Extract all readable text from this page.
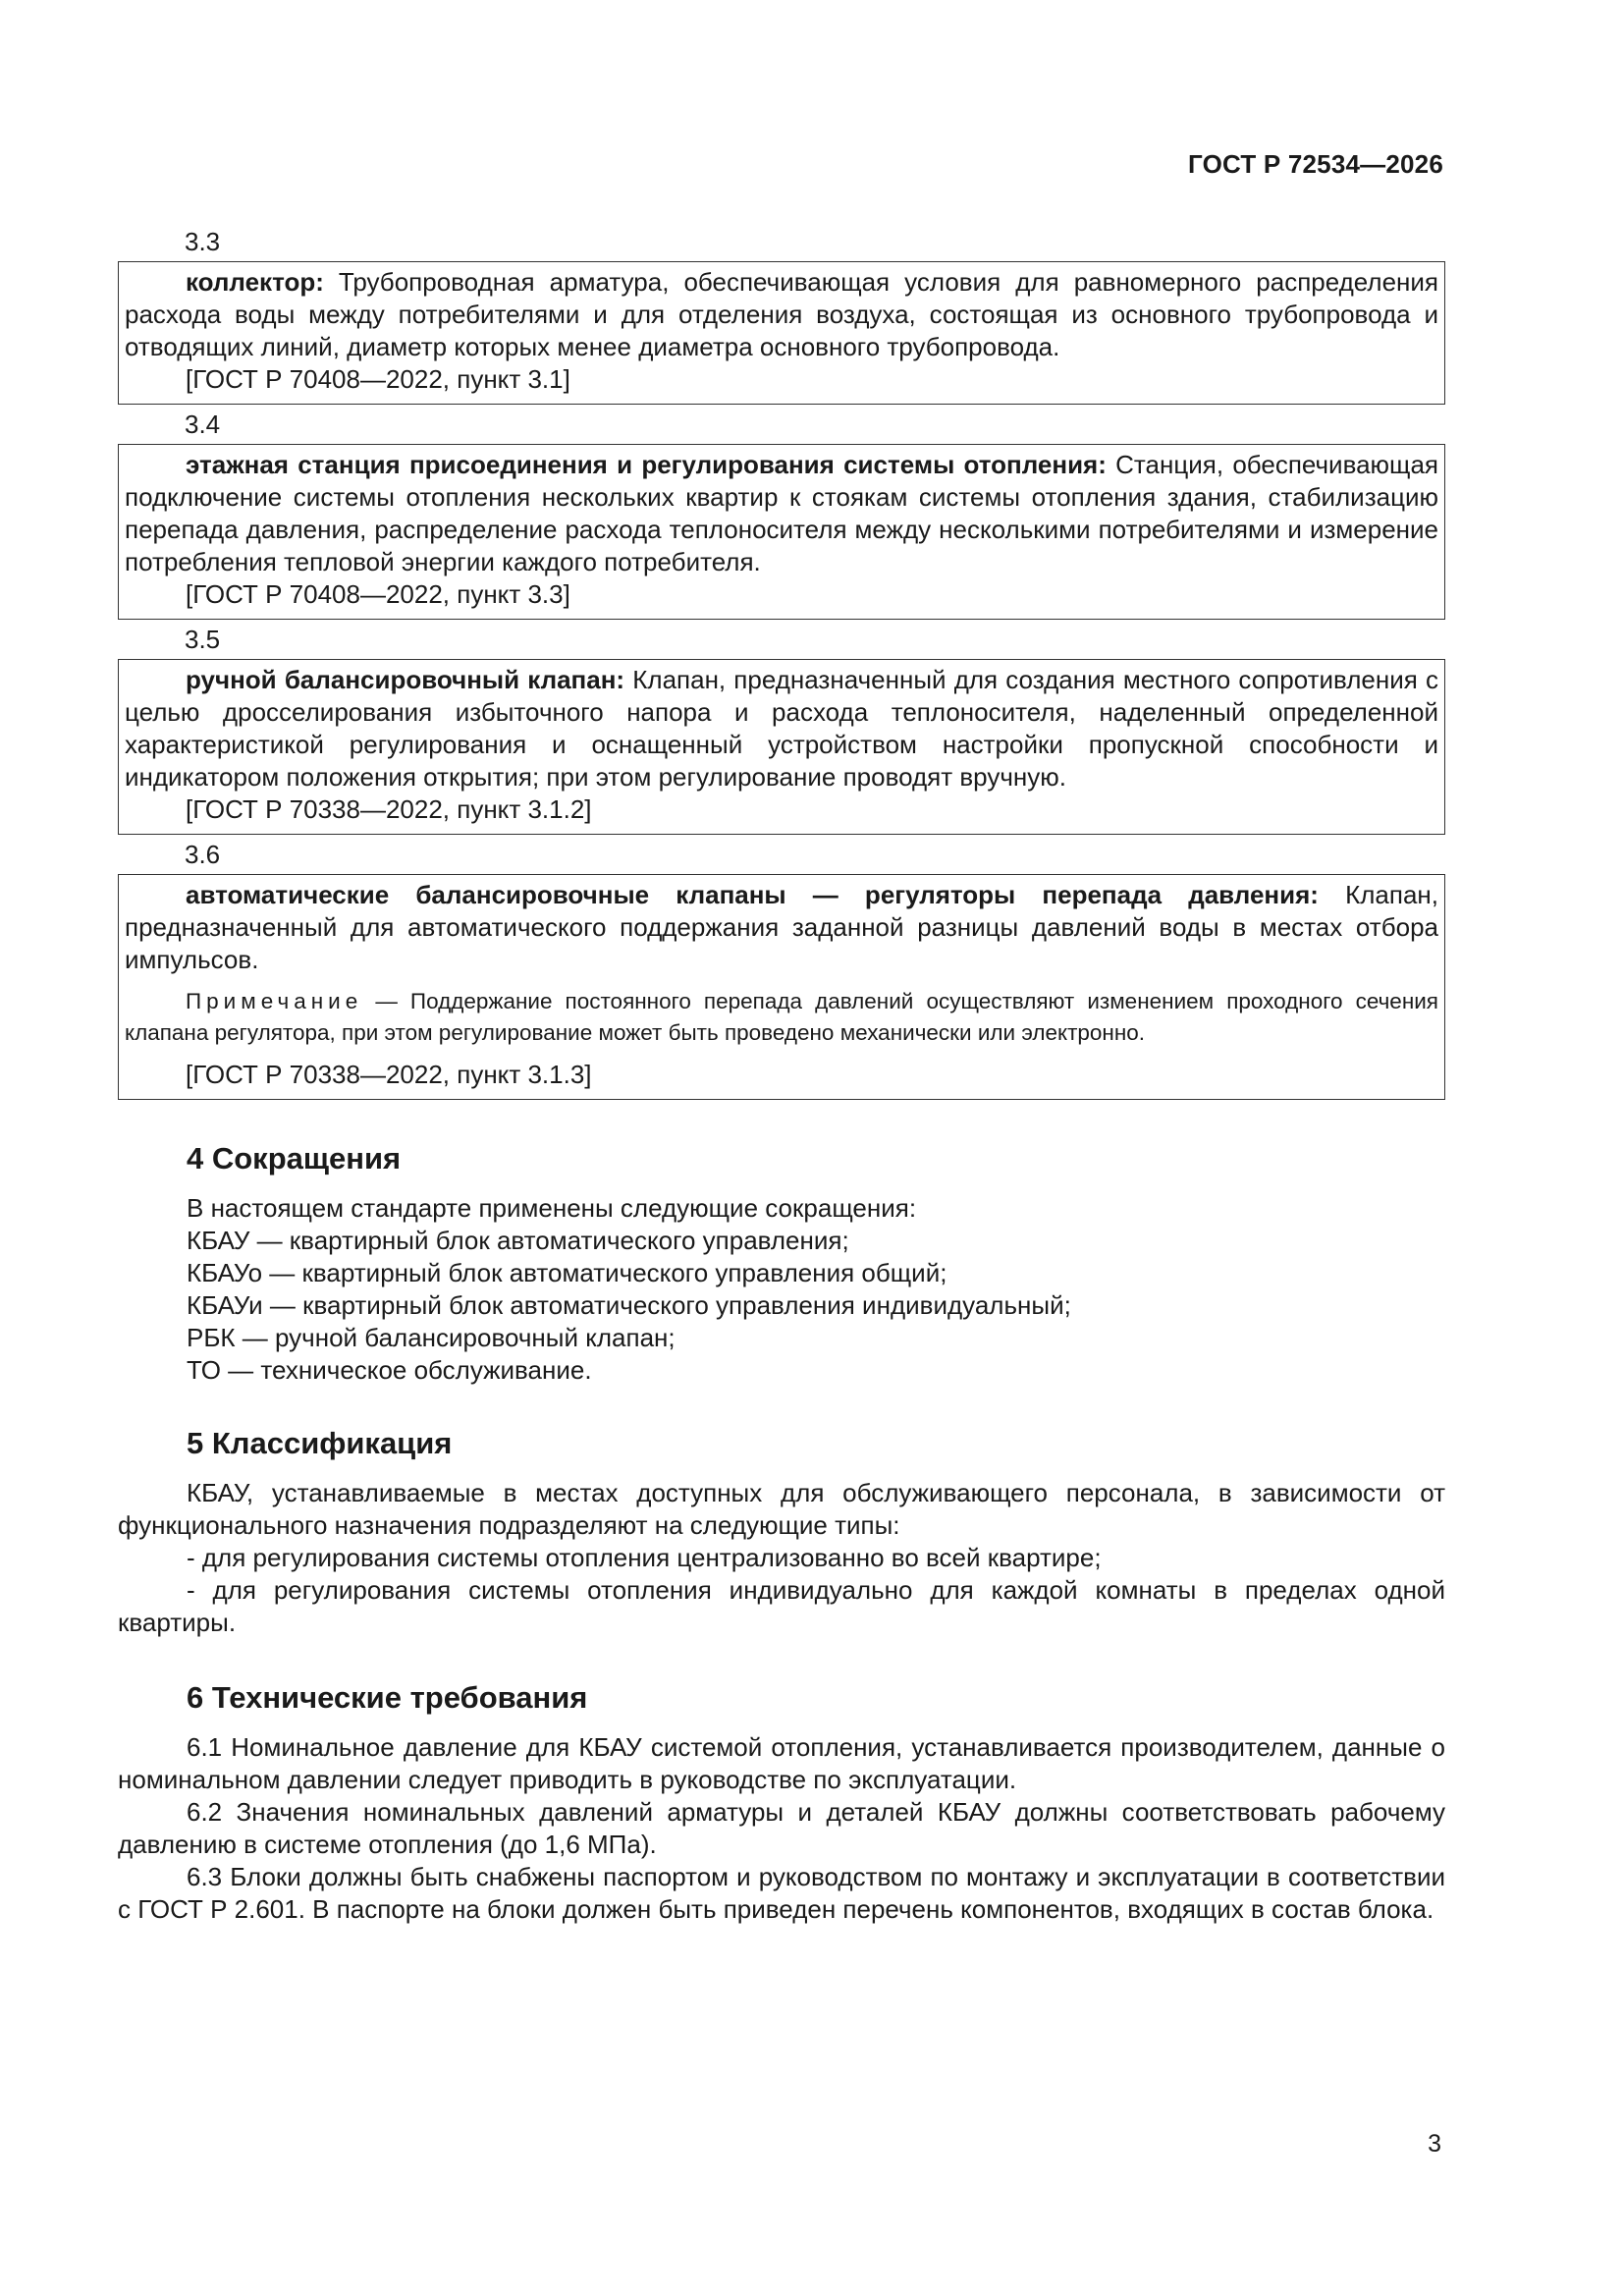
ГОСТ Р 72534—2026
3.3

коллектор: Трубопроводная арматура, обеспечивающая условия для равномерного распределения расхода воды между потребителями и для отделения воздуха, состоящая из основного трубопровода и отводящих линий, диаметр которых менее диаметра основного трубопровода.

[ГОСТ Р 70408—2022, пункт 3.1]

3.4

этажная станция присоединения и регулирования системы отопления: Станция, обеспечивающая подключение системы отопления нескольких квартир к стоякам системы отопления здания, стабилизацию перепада давления, распределение расхода теплоносителя между несколькими потребителями и измерение потребления тепловой энергии каждого потребителя.

[ГОСТ Р 70408—2022, пункт 3.3]

3.5

ручной балансировочный клапан: Клапан, предназначенный для создания местного сопротивления с целью дросселирования избыточного напора и расхода теплоносителя, наделенный определенной характеристикой регулирования и оснащенный устройством настройки пропускной способности и индикатором положения открытия; при этом регулирование проводят вручную.

[ГОСТ Р 70338—2022, пункт 3.1.2]

3.6

автоматические балансировочные клапаны — регуляторы перепада давления: Клапан, предназначенный для автоматического поддержания заданной разницы давлений воды в местах отбора импульсов.

Примечание — Поддержание постоянного перепада давлений осуществляют изменением проходного сечения клапана регулятора, при этом регулирование может быть проведено механически или электронно.

[ГОСТ Р 70338—2022, пункт 3.1.3]

4 Сокращения

В настоящем стандарте применены следующие сокращения:

КБАУ — квартирный блок автоматического управления;

КБАУо — квартирный блок автоматического управления общий;

КБАУи — квартирный блок автоматического управления индивидуальный;

РБК — ручной балансировочный клапан;

ТО — техническое обслуживание.

5 Классификация

КБАУ, устанавливаемые в местах доступных для обслуживающего персонала, в зависимости от функционального назначения подразделяют на следующие типы:

- для регулирования системы отопления централизованно во всей квартире;

- для регулирования системы отопления индивидуально для каждой комнаты в пределах одной квартиры.

6 Технические требования

6.1 Номинальное давление для КБАУ системой отопления, устанавливается производителем, данные о номинальном давлении следует приводить в руководстве по эксплуатации.

6.2 Значения номинальных давлений арматуры и деталей КБАУ должны соответствовать рабочему давлению в системе отопления (до 1,6 МПа).

6.3 Блоки должны быть снабжены паспортом и руководством по монтажу и эксплуатации в соответствии с ГОСТ Р 2.601. В паспорте на блоки должен быть приведен перечень компонентов, входящих в состав блока.

3
